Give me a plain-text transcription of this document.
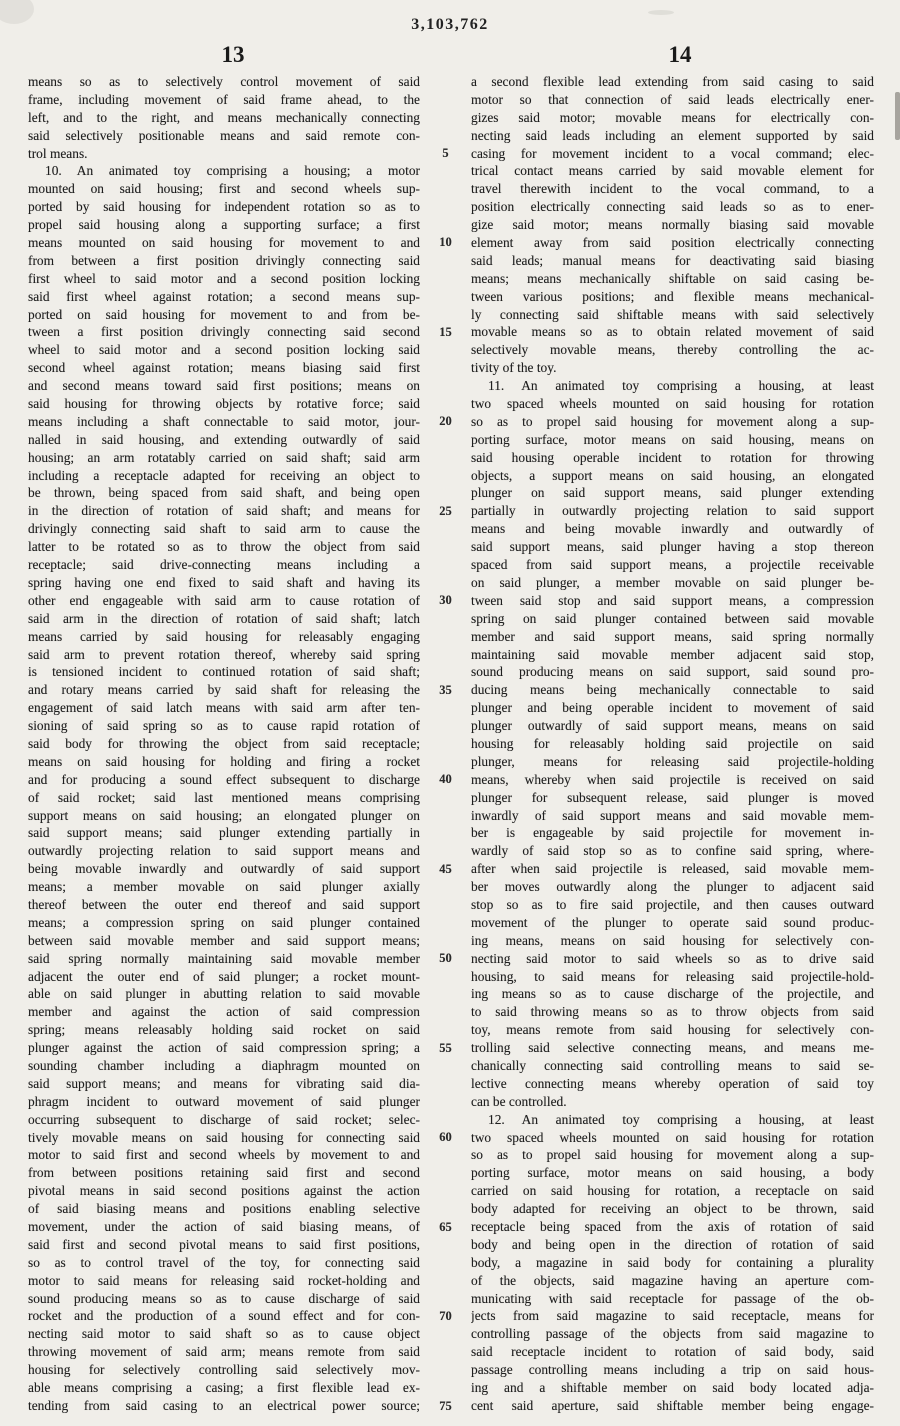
3,103,762
13	14
means so as to selectively control movement of said
frame, including movement of said frame ahead, to the
left, and to the right, and means mechanically connecting
said selectively positionable means and said remote con-
trol means.
10. An animated toy comprising a housing; a motor
mounted on said housing; first and second wheels sup-
ported by said housing for independent rotation so as to
propel said housing along a supporting surface; a first
means mounted on said housing for movement to and
from between a first position drivingly connecting said
first wheel to said motor and a second position locking
said first wheel against rotation; a second means sup-
ported on said housing for movement to and from be-
tween a first position drivingly connecting said second
wheel to said motor and a second position locking said
second wheel against rotation; means biasing said first
and second means toward said first positions; means on
said housing for throwing objects by rotative force; said
means including a shaft connectable to said motor, jour-
nalled in said housing, and extending outwardly of said
housing; an arm rotatably carried on said shaft; said arm
including a receptacle adapted for receiving an object to
be thrown, being spaced from said shaft, and being open
in the direction of rotation of said shaft; and means for
drivingly connecting said shaft to said arm to cause the
latter to be rotated so as to throw the object from said
receptacle; said drive-connecting means including a
spring having one end fixed to said shaft and having its
other end engageable with said arm to cause rotation of
said arm in the direction of rotation of said shaft; latch
means carried by said housing for releasably engaging
said arm to prevent rotation thereof, whereby said spring
is tensioned incident to continued rotation of said shaft;
and rotary means carried by said shaft for releasing the
engagement of said latch means with said arm after ten-
sioning of said spring so as to cause rapid rotation of
said body for throwing the object from said receptacle;
means on said housing for holding and firing a rocket
and for producing a sound effect subsequent to discharge
of said rocket; said last mentioned means comprising
support means on said housing; an elongated plunger on
said support means; said plunger extending partially in
outwardly projecting relation to said support means and
being movable inwardly and outwardly of said support
means; a member movable on said plunger axially
thereof between the outer end thereof and said support
means; a compression spring on said plunger contained
between said movable member and said support means;
said spring normally maintaining said movable member
adjacent the outer end of said plunger; a rocket mount-
able on said plunger in abutting relation to said movable
member and against the action of said compression
spring; means releasably holding said rocket on said
plunger against the action of said compression spring; a
sounding chamber including a diaphragm mounted on
said support means; and means for vibrating said dia-
phragm incident to outward movement of said plunger
occurring subsequent to discharge of said rocket; selec-
tively movable means on said housing for connecting said
motor to said first and second wheels by movement to and
from between positions retaining said first and second
pivotal means in said second positions against the action
of said biasing means and positions enabling selective
movement, under the action of said biasing means, of
said first and second pivotal means to said first positions,
so as to control travel of the toy, for connecting said
motor to said means for releasing said rocket-holding and
sound producing means so as to cause discharge of said
rocket and the production of a sound effect and for con-
necting said motor to said shaft so as to cause object
throwing movement of said arm; means remote from said
housing for selectively controlling said selectively mov-
able means comprising a casing; a first flexible lead ex-
tending from said casing to an electrical power source;
5
10
15
20
25
30
35
40
45
50
55
60
65
70
75
a second flexible lead extending from said casing to said
motor so that connection of said leads electrically ener-
gizes said motor; movable means for electrically con-
necting said leads including an element supported by said
casing for movement incident to a vocal command; elec-
trical contact means carried by said movable element for
travel therewith incident to the vocal command, to a
position electrically connecting said leads so as to ener-
gize said motor; means normally biasing said movable
element away from said position electrically connecting
said leads; manual means for deactivating said biasing
means; means mechanically shiftable on said casing be-
tween various positions; and flexible means mechanical-
ly connecting said shiftable means with said selectively
movable means so as to obtain related movement of said
selectively movable means, thereby controlling the ac-
tivity of the toy.
11. An animated toy comprising a housing, at least
two spaced wheels mounted on said housing for rotation
so as to propel said housing for movement along a sup-
porting surface, motor means on said housing, means on
said housing operable incident to rotation for throwing
objects, a support means on said housing, an elongated
plunger on said support means, said plunger extending
partially in outwardly projecting relation to said support
means and being movable inwardly and outwardly of
said support means, said plunger having a stop thereon
spaced from said support means, a projectile receivable
on said plunger, a member movable on said plunger be-
tween said stop and said support means, a compression
spring on said plunger contained between said movable
member and said support means, said spring normally
maintaining said movable member adjacent said stop,
sound producing means on said support, said sound pro-
ducing means being mechanically connectable to said
plunger and being operable incident to movement of said
plunger outwardly of said support means, means on said
housing for releasably holding said projectile on said
plunger, means for releasing said projectile-holding
means, whereby when said projectile is received on said
plunger for subsequent release, said plunger is moved
inwardly of said support means and said movable mem-
ber is engageable by said projectile for movement in-
wardly of said stop so as to confine said spring, where-
after when said projectile is released, said movable mem-
ber moves outwardly along the plunger to adjacent said
stop so as to fire said projectile, and then causes outward
movement of the plunger to operate said sound produc-
ing means, means on said housing for selectively con-
necting said motor to said wheels so as to drive said
housing, to said means for releasing said projectile-hold-
ing means so as to cause discharge of the projectile, and
to said throwing means so as to throw objects from said
toy, means remote from said housing for selectively con-
trolling said selective connecting means, and means me-
chanically connecting said controlling means to said se-
lective connecting means whereby operation of said toy
can be controlled.
12. An animated toy comprising a housing, at least
two spaced wheels mounted on said housing for rotation
so as to propel said housing for movement along a sup-
porting surface, motor means on said housing, a body
carried on said housing for rotation, a receptacle on said
body adapted for receiving an object to be thrown, said
receptacle being spaced from the axis of rotation of said
body and being open in the direction of rotation of said
body, a magazine in said body for containing a plurality
of the objects, said magazine having an aperture com-
municating with said receptacle for passage of the ob-
jects from said magazine to said receptacle, means for
controlling passage of the objects from said magazine to
said receptacle incident to rotation of said body, said
passage controlling means including a trip on said hous-
ing and a shiftable member on said body located adja-
cent said aperture, said shiftable member being engage-
